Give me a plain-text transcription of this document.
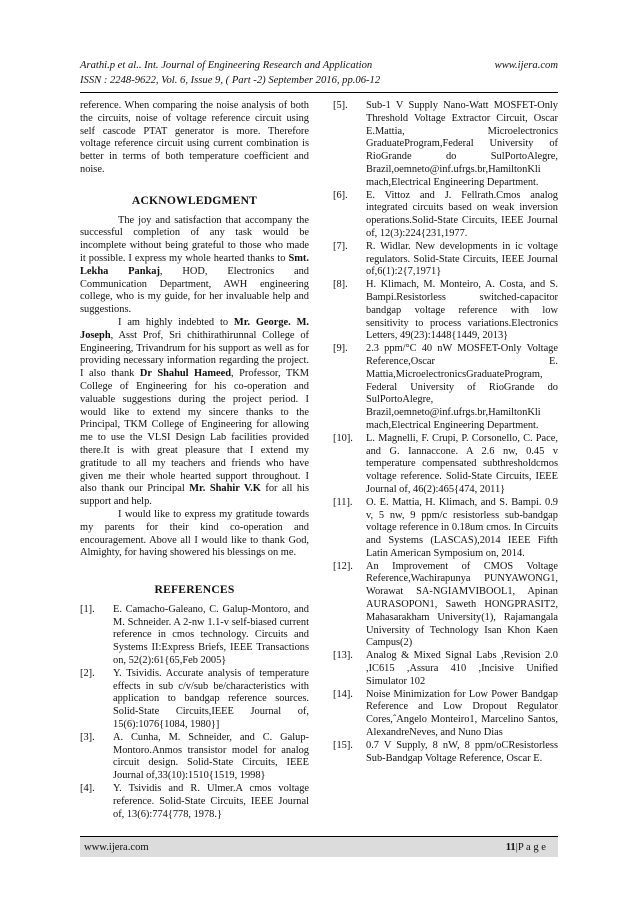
Arathi.p et al.. Int. Journal of Engineering Research and Application	www.ijera.com
ISSN : 2248-9622, Vol. 6, Issue 9, ( Part -2) September 2016, pp.06-12

reference. When comparing the noise analysis of both the circuits, noise of voltage reference circuit using self cascode PTAT generator is more. Therefore voltage reference circuit using current combination is better in terms of both temperature coefficient and noise.

ACKNOWLEDGMENT

The joy and satisfaction that accompany the successful completion of any task would be incomplete without being grateful to those who made it possible. I express my whole hearted thanks to Smt. Lekha Pankaj, HOD, Electronics and Communication Department, AWH engineering college, who is my guide, for her invaluable help and suggestions.

I am highly indebted to Mr. George. M. Joseph, Asst Prof, Sri chithirathirunnal College of Engineering, Trivandrum for his support as well as for providing necessary information regarding the project. I also thank Dr Shahul Hameed, Professor, TKM College of Engineering for his co-operation and valuable suggestions during the project period. I would like to extend my sincere thanks to the Principal, TKM College of Engineering for allowing me to use the VLSI Design Lab facilities provided there.It is with great pleasure that I extend my gratitude to all my teachers and friends who have given me their whole hearted support throughout. I also thank our Principal Mr. Shahir V.K for all his support and help.

I would like to express my gratitude towards my parents for their kind co-operation and encouragement. Above all I would like to thank God, Almighty, for having showered his blessings on me.

REFERENCES
[1].	E. Camacho-Galeano, C. Galup-Montoro, and M. Schneider. A 2-nw 1.1-v self-biased current reference in cmos technology. Circuits and Systems II:Express Briefs, IEEE Transactions on, 52(2):61{65,Feb 2005}
[2].	Y. Tsividis. Accurate analysis of temperature effects in sub c/v/sub be/characteristics with application to bandgap reference sources. Solid-State Circuits,IEEE Journal of, 15(6):1076{1084, 1980}]
[3].	A. Cunha, M. Schneider, and C. Galup-Montoro.Anmos transistor model for analog circuit design. Solid-State Circuits, IEEE Journal of,33(10):1510{1519, 1998}
[4].	Y. Tsividis and R. Ulmer.A cmos voltage reference. Solid-State Circuits, IEEE Journal of, 13(6):774{778, 1978.}
[5].	Sub-1 V Supply Nano-Watt MOSFET-Only Threshold Voltage Extractor Circuit, Oscar E.Mattia, Microelectronics GraduateProgram,Federal University of RioGrande do SulPortoAlegre, Brazil,oemneto@inf.ufrgs.br,HamiltonKli mach,Electrical Engineering Department.
[6].	E. Vittoz and J. Fellrath.Cmos analog integrated circuits based on weak inversion operations.Solid-State Circuits, IEEE Journal of, 12(3):224{231,1977.
[7].	R. Widlar. New developments in ic voltage regulators. Solid-State Circuits, IEEE Journal of,6(1):2{7,1971}
[8].	H. Klimach, M. Monteiro, A. Costa, and S. Bampi.Resistorless switched-capacitor bandgap voltage reference with low sensitivity to process variations.Electronics Letters, 49(23):1448{1449, 2013}
[9].	2.3 ppm/°C 40 nW MOSFET-Only Voltage Reference,Oscar E. Mattia,MicroelectronicsGraduateProgram, Federal University of RioGrande do SulPortoAlegre, Brazil,oemneto@inf.ufrgs.br,HamiltonKli mach,Electrical Engineering Department.
[10].	L. Magnelli, F. Crupi, P. Corsonello, C. Pace, and G. Iannaccone. A 2.6 nw, 0.45 v temperature compensated subthresholdcmos voltage reference. Solid-State Circuits, IEEE Journal of, 46(2):465{474, 2011}
[11].	O. E. Mattia, H. Klimach, and S. Bampi. 0.9 v, 5 nw, 9 ppm/c resistorless sub-bandgap voltage reference in 0.18um cmos. In Circuits and Systems (LASCAS),2014 IEEE Fifth Latin American Symposium on, 2014.
[12].	An Improvement of CMOS Voltage Reference,Wachirapunya PUNYAWONG1, Worawat SA-NGIAMVIBOOL1, Apinan AURASOPON1, Saweth HONGPRASIT2, Mahasarakham University(1), Rajamangala University of Technology Isan Khon Kaen Campus(2)
[13].	Analog & Mixed Signal Labs ,Revision 2.0 ,IC615 ,Assura 410 ,Incisive Unified Simulator 102
[14].	Noise Minimization for Low Power Bandgap Reference and Low Dropout Regulator Cores,ˆAngelo Monteiro1, Marcelino Santos, AlexandreNeves, and Nuno Dias
[15].	0.7 V Supply, 8 nW, 8 ppm/oCResistorless Sub-Bandgap Voltage Reference, Oscar E.
www.ijera.com	11|P a g e
